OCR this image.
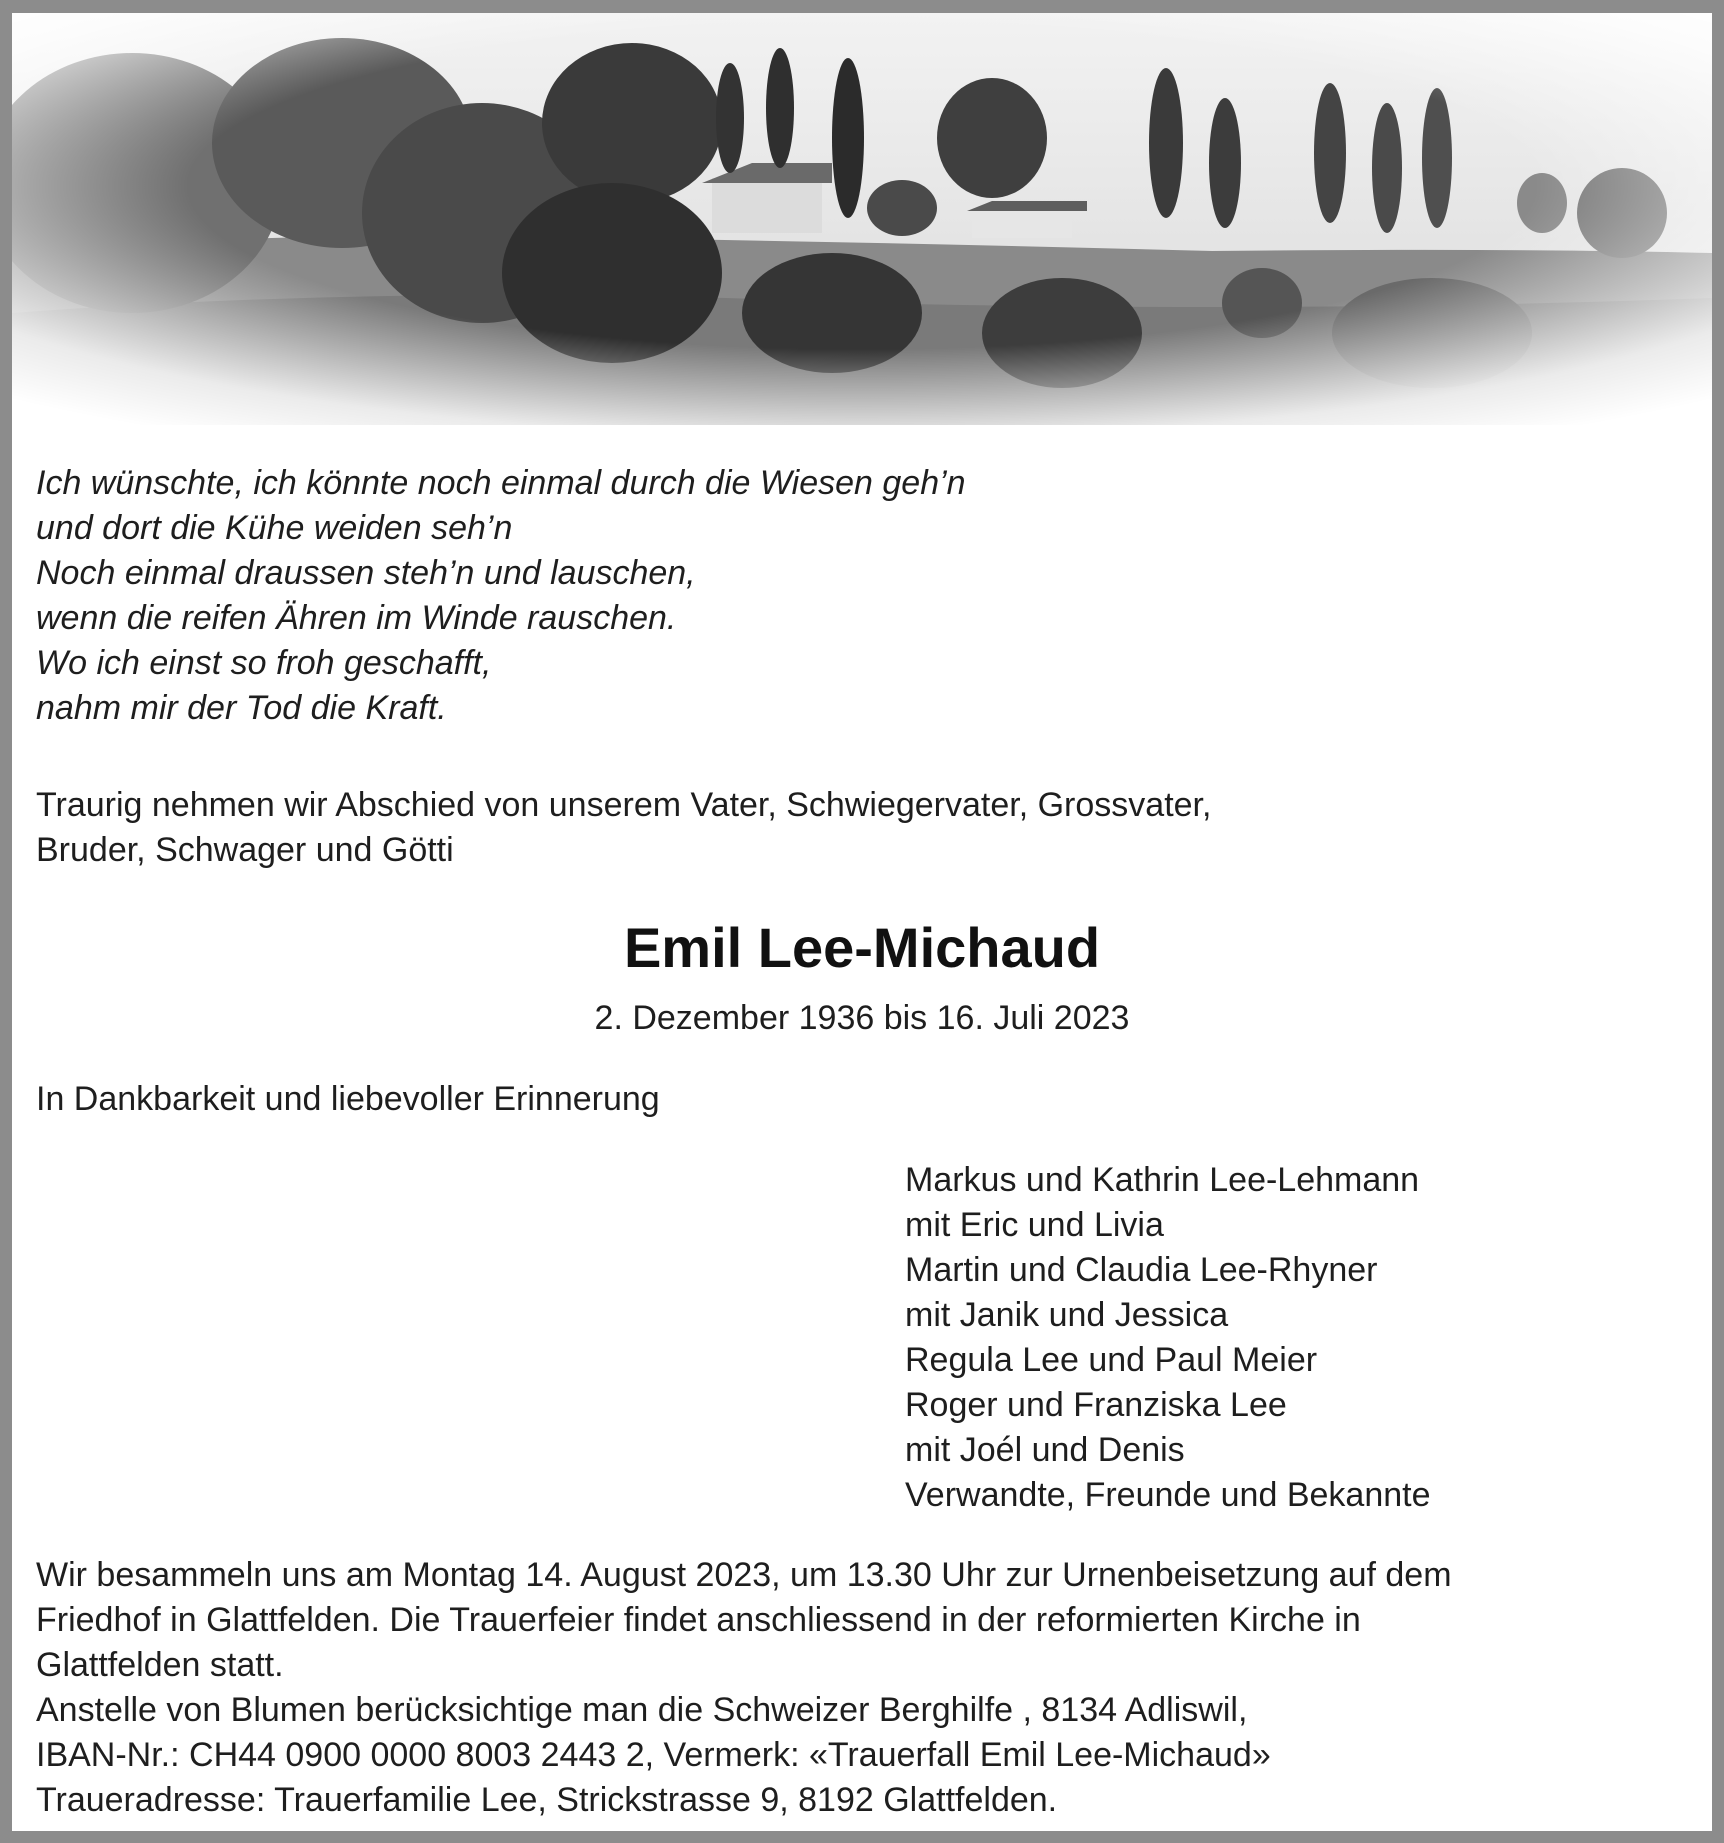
Ich wünschte, ich könnte noch einmal durch die Wiesen geh’n
und dort die Kühe weiden seh’n
Noch einmal draussen steh’n und lauschen,
wenn die reifen Ähren im Winde rauschen.
Wo ich einst so froh geschafft,
nahm mir der Tod die Kraft.
Traurig nehmen wir Abschied von unserem Vater, Schwiegervater, Grossvater,
Bruder, Schwager und Götti
Emil Lee-Michaud
2. Dezember 1936 bis 16. Juli 2023
In Dankbarkeit und liebevoller Erinnerung
Markus und Kathrin Lee-Lehmann
mit Eric und Livia
Martin und Claudia Lee-Rhyner
mit Janik und Jessica
Regula Lee und Paul Meier
Roger und Franziska Lee
mit Joél und Denis
Verwandte, Freunde und Bekannte
Wir besammeln uns am Montag 14. August 2023, um 13.30 Uhr zur Urnenbeisetzung auf dem
Friedhof in Glattfelden. Die Trauerfeier findet anschliessend in der reformierten Kirche in
Glattfelden statt.
Anstelle von Blumen berücksichtige man die Schweizer Berghilfe , 8134 Adliswil,
IBAN-Nr.: CH44 0900 0000 8003 2443 2, Vermerk: «Trauerfall Emil Lee-Michaud»
Traueradresse: Trauerfamilie Lee, Strickstrasse 9, 8192 Glattfelden.
